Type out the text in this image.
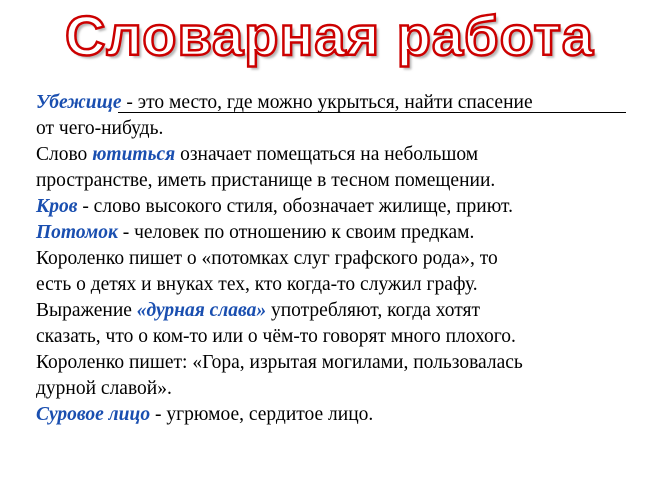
Словарная работа
Убежище - это место, где можно укрыться, найти спасение
от чего-нибудь.
Слово ютиться означает помещаться на небольшом
пространстве, иметь пристанище в тесном помещении.
Кров - слово высокого стиля, обозначает жилище, приют.
Потомок - человек по отношению к своим предкам.
Короленко пишет о «потомках слуг графского рода», то
есть о детях и внуках тех, кто когда-то служил графу.
Выражение «дурная слава» употребляют, когда хотят
сказать, что о ком-то или о чём-то говорят много плохого.
Короленко пишет: «Гора, изрытая могилами, пользовалась
дурной славой».
Суровое лицо - угрюмое, сердитое лицо.
